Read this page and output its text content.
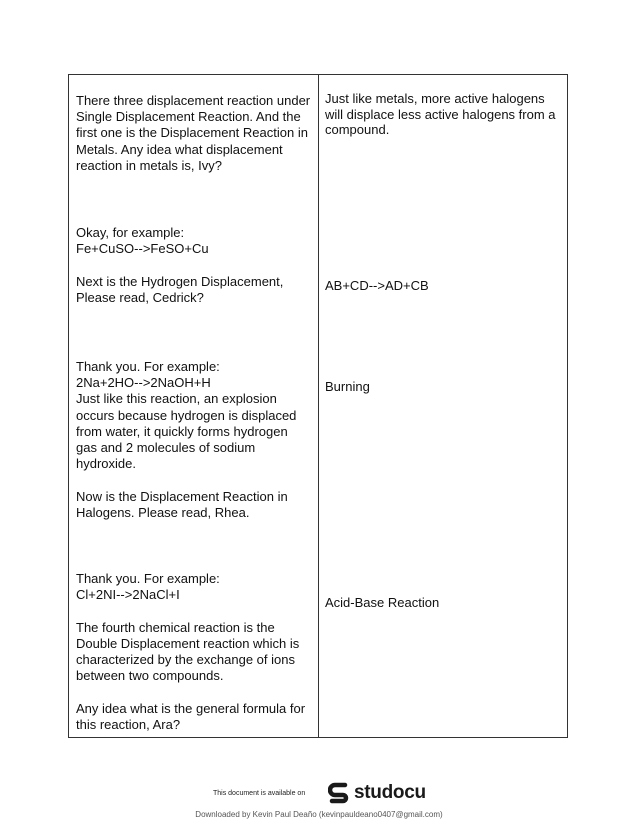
There three displacement reaction under Single Displacement Reaction. And the first one is the Displacement Reaction in Metals. Any idea what displacement reaction in metals is, Ivy?
Okay, for example:
Fe+CuSO-->FeSO+Cu

Next is the Hydrogen Displacement, Please read, Cedrick?
Thank you. For example:
2Na+2HO-->2NaOH+H
Just like this reaction, an explosion occurs because hydrogen is displaced from water, it quickly forms hydrogen gas and 2 molecules of sodium hydroxide.

Now is the Displacement Reaction in Halogens. Please read, Rhea.
Thank you. For example:
Cl+2NI-->2NaCl+I

The fourth chemical reaction is the Double Displacement reaction which is characterized by the exchange of ions between two compounds.

Any idea what is the general formula for this reaction, Ara?
Just like metals, more active halogens will displace less active halogens from a compound.
AB+CD-->AD+CB
Burning
Acid-Base Reaction
This document is available on	studocu
Downloaded by Kevin Paul Deaño (kevinpauldeano0407@gmail.com)
